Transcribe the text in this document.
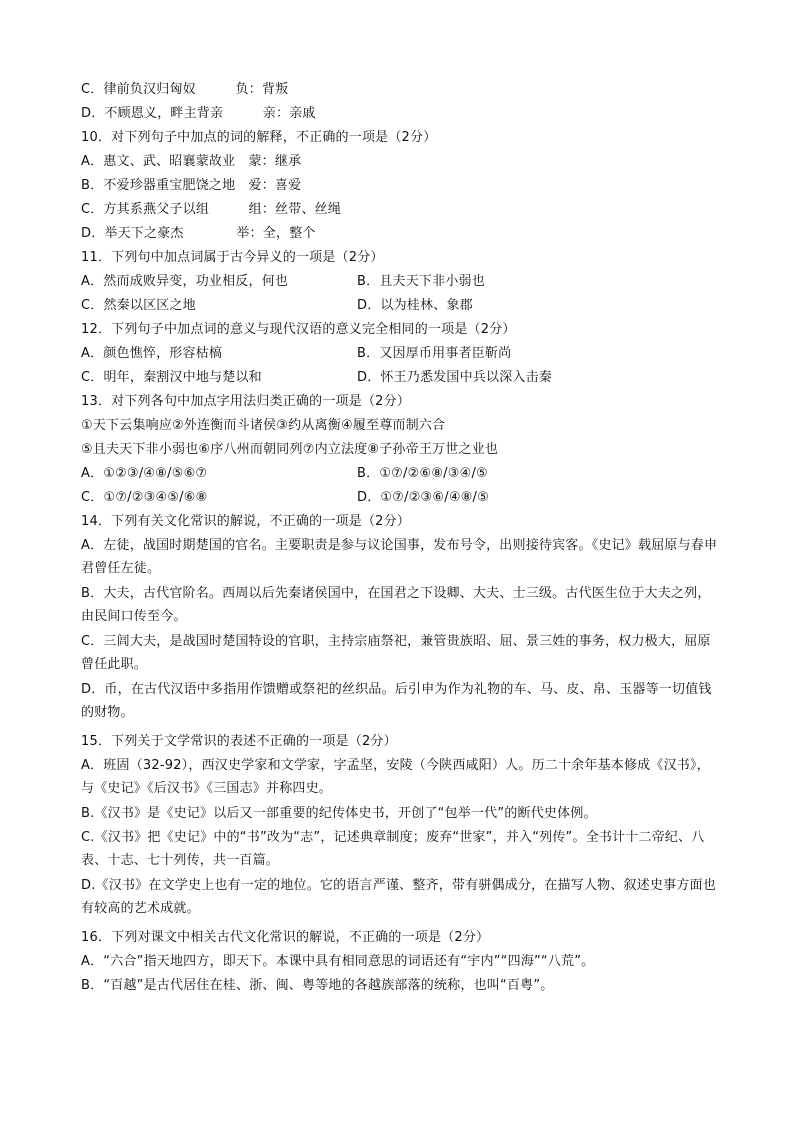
C．律前负汉归匈奴　　　负：背叛
D．不顾恩义，畔主背亲　　　亲：亲戚
10．对下列句子中加点的词的解释，不正确的一项是（2分）
A．惠文、武、昭襄蒙故业　蒙：继承
B．不爱珍器重宝肥饶之地　爱：喜爱
C．方其系燕父子以组　　　组：丝带、丝绳
D．举天下之豪杰　　　　举：全，整个
11．下列句中加点词属于古今异义的一项是（2分）
A．然而成败异变，功业相反，何也	B．且夫天下非小弱也
C．然秦以区区之地	D．以为桂林、象郡
12．下列句子中加点词的意义与现代汉语的意义完全相同的一项是（2分）
A．颜色憔悴，形容枯槁	B．又因厚币用事者臣靳尚
C．明年，秦割汉中地与楚以和	D．怀王乃悉发国中兵以深入击秦
13．对下列各句中加点字用法归类正确的一项是（2分）
①天下云集响应②外连衡而斗诸侯③约从离衡④履至尊而制六合
⑤且夫天下非小弱也⑥序八州而朝同列⑦内立法度⑧子孙帝王万世之业也
A．①②③/④⑧/⑤⑥⑦	B．①⑦/②⑥⑧/③④/⑤
C．①⑦/②③④⑤/⑥⑧	D．①⑦/②③⑥/④⑧/⑤
14．下列有关文化常识的解说，不正确的一项是（2分）
A．左徒，战国时期楚国的官名。主要职责是参与议论国事，发布号令，出则接待宾客。《史记》载屈原与春申君曾任左徒。
B．大夫，古代官阶名。西周以后先秦诸侯国中，在国君之下设卿、大夫、士三级。古代医生位于大夫之列，由民间口传至今。
C．三闾大夫，是战国时楚国特设的官职，主持宗庙祭祀，兼管贵族昭、屈、景三姓的事务，权力极大，屈原曾任此职。
D．币，在古代汉语中多指用作馈赠或祭祀的丝织品。后引申为作为礼物的车、马、皮、帛、玉器等一切值钱的财物。
15．下列关于文学常识的表述不正确的一项是（2分）
A．班固（32-92），西汉史学家和文学家，字孟坚，安陵（今陕西咸阳）人。历二十余年基本修成《汉书》，与《史记》《后汉书》《三国志》并称四史。
B.《汉书》是《史记》以后又一部重要的纪传体史书，开创了“包举一代”的断代史体例。
C.《汉书》把《史记》中的“书”改为“志”，记述典章制度；废弃“世家”，并入“列传”。全书计十二帝纪、八表、十志、七十列传，共一百篇。
D.《汉书》在文学史上也有一定的地位。它的语言严谨、整齐，带有骈偶成分，在描写人物、叙述史事方面也有较高的艺术成就。
16．下列对课文中相关古代文化常识的解说，不正确的一项是（2分）
A．“六合”指天地四方，即天下。本课中具有相同意思的词语还有“宇内”“四海”“八荒”。
B．“百越”是古代居住在桂、浙、闽、粤等地的各越族部落的统称，也叫“百粤”。
